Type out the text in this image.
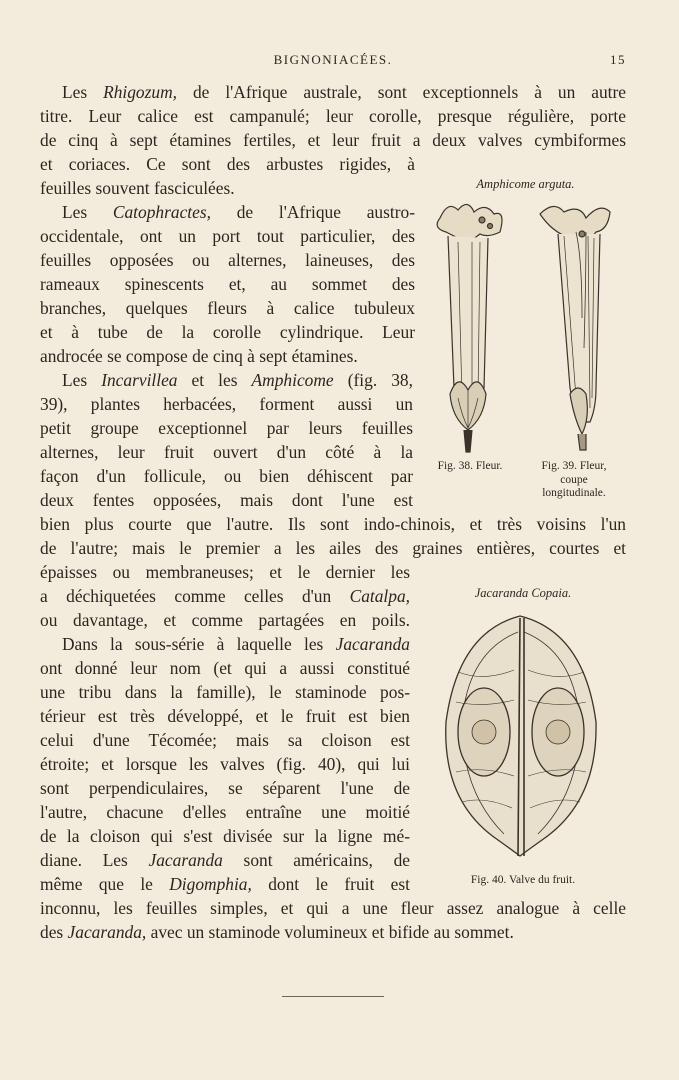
BIGNONIACÉES.	15
Les Rhigozum, de l'Afrique australe, sont exceptionnels à un autre
titre. Leur calice est campanulé; leur corolle, presque régulière, porte
de cinq à sept étamines fertiles, et leur fruit a deux valves cymbiformes
et coriaces. Ce sont des arbustes rigides, à
feuilles souvent fasciculées.
Les Catophractes, de l'Afrique austro-
occidentale, ont un port tout particulier, des
feuilles opposées ou alternes, laineuses, des
rameaux spinescents et, au sommet des
branches, quelques fleurs à calice tubuleux
et à tube de la corolle cylindrique. Leur
androcée se compose de cinq à sept étamines.
Les Incarvillea et les Amphicome (fig. 38,
39), plantes herbacées, forment aussi un
petit groupe exceptionnel par leurs feuilles
alternes, leur fruit ouvert d'un côté à la
façon d'un follicule, ou bien déhiscent par
deux fentes opposées, mais dont l'une est
bien plus courte que l'autre. Ils sont indo-chinois, et très voisins l'un
de l'autre; mais le premier a les ailes des graines entières, courtes et
épaisses ou membraneuses; et le dernier les
a déchiquetées comme celles d'un Catalpa,
ou davantage, et comme partagées en poils.
Dans la sous-série à laquelle les Jacaranda
ont donné leur nom (et qui a aussi constitué
une tribu dans la famille), le staminode pos-
térieur est très développé, et le fruit est bien
celui d'une Técomée; mais sa cloison est
étroite; et lorsque les valves (fig. 40), qui lui
sont perpendiculaires, se séparent l'une de
l'autre, chacune d'elles entraîne une moitié
de la cloison qui s'est divisée sur la ligne mé-
diane. Les Jacaranda sont américains, de
même que le Digomphia, dont le fruit est
inconnu, les feuilles simples, et qui a une fleur assez analogue à celle
des Jacaranda, avec un staminode volumineux et bifide au sommet.
Amphicome arguta.
Fig. 38. Fleur.	Fig. 39. Fleur,
coupe
longitudinale.
Jacaranda Copaia.
Fig. 40. Valve du fruit.
